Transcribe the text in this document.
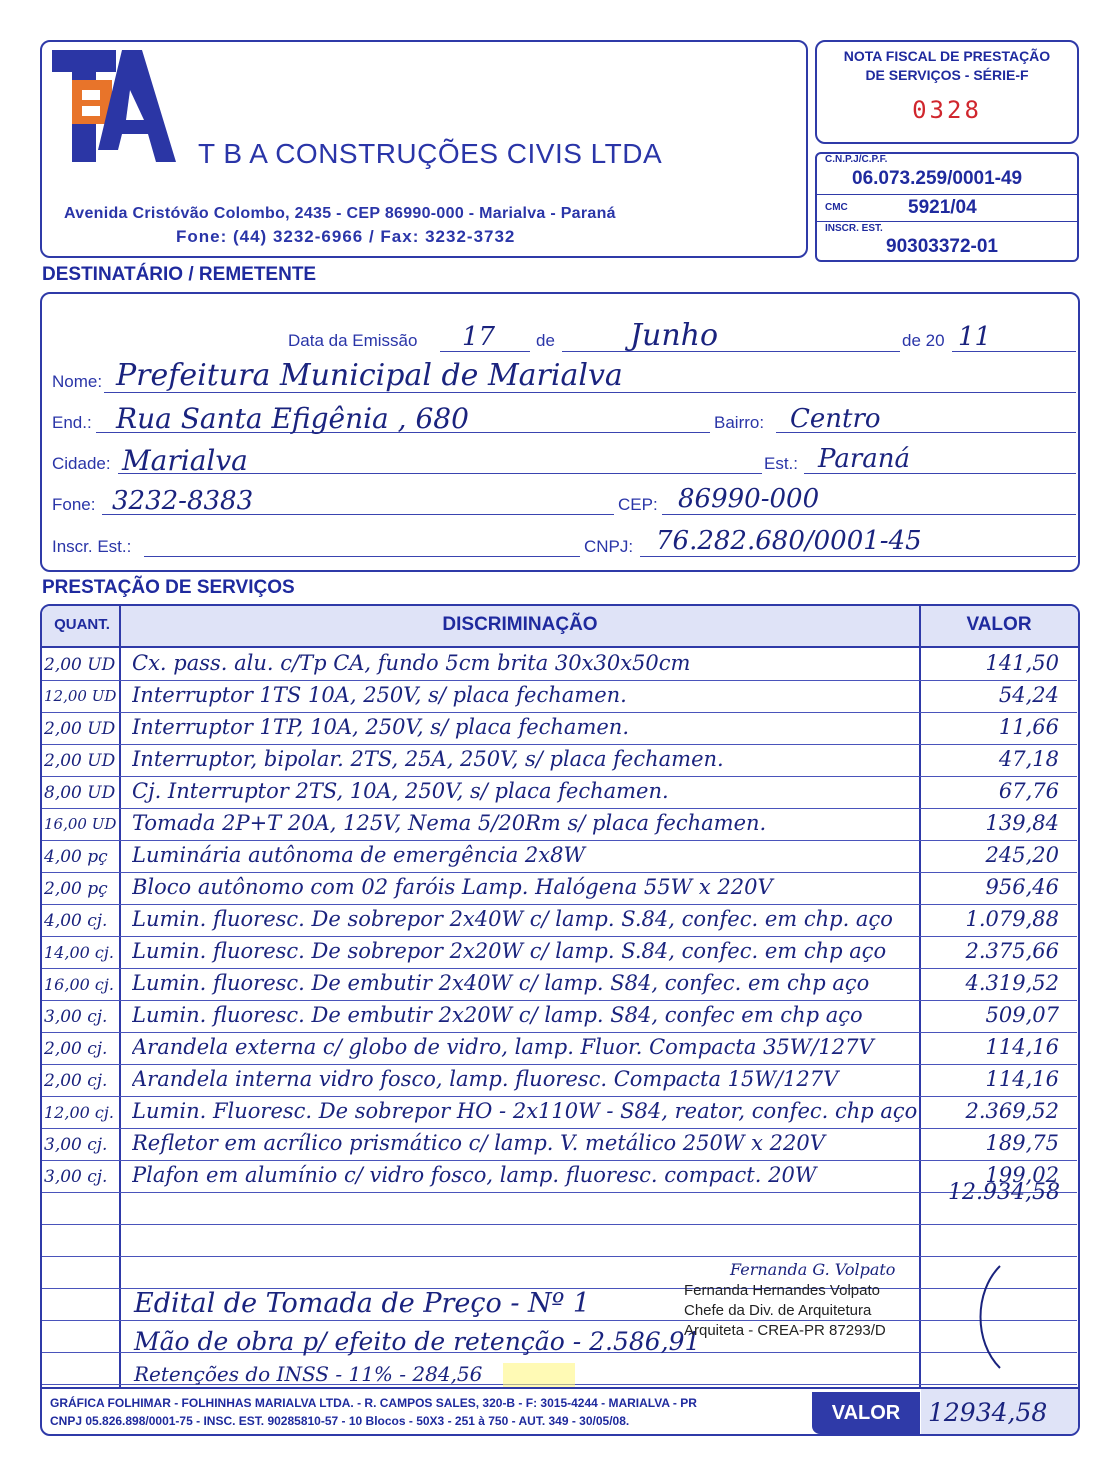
T B A CONSTRUÇÕES CIVIS LTDA
Avenida Cristóvão Colombo, 2435 - CEP 86990-000 - Marialva - Paraná
Fone: (44) 3232-6966 / Fax: 3232-3732
NOTA FISCAL DE PRESTAÇÃO
DE SERVIÇOS - SÉRIE-F
0328
C.N.P.J/C.P.F.
06.073.259/0001-49
CMC	5921/04
INSCR. EST.
90303372-01
DESTINATÁRIO / REMETENTE
Data da Emissão 17 de	Junho	de 20 11
Nome: Prefeitura Municipal de Marialva
End.: Rua Santa Efigênia , 680	Bairro: Centro
Cidade: Marialva	Est.: Paraná
Fone: 3232-8383	CEP: 86990-000
Inscr. Est.:	CNPJ: 76.282.680/0001-45
PRESTAÇÃO DE SERVIÇOS
QUANT.	DISCRIMINAÇÃO	VALOR
2,00 UD Cx. pass. alu. c/Tp CA, fundo 5cm brita 30x30x50cm	141,50
12,00 UD Interruptor 1TS 10A, 250V, s/ placa fechamen.	54,24
2,00 UD Interruptor 1TP, 10A, 250V, s/ placa fechamen.	11,66
2,00 UD Interruptor, bipolar. 2TS, 25A, 250V, s/ placa fechamen.	47,18
8,00 UD Cj. Interruptor 2TS, 10A, 250V, s/ placa fechamen.	67,76
16,00 UD Tomada 2P+T 20A, 125V, Nema 5/20Rm s/ placa fechamen.	139,84
4,00 pç	Luminária autônoma de emergência 2x8W	245,20
2,00 pç	Bloco autônomo com 02 faróis Lamp. Halógena 55W x 220V	956,46
4,00 cj.	Lumin. fluoresc. De sobrepor 2x40W c/ lamp. S.84, confec. em chp. aço	1.079,88
14,00 cj. Lumin. fluoresc. De sobrepor 2x20W c/ lamp. S.84, confec. em chp aço	2.375,66
16,00 cj. Lumin. fluoresc. De embutir 2x40W c/ lamp. S84, confec. em chp aço	4.319,52
3,00 cj.	Lumin. fluoresc. De embutir 2x20W c/ lamp. S84, confec em chp aço	509,07
2,00 cj.	Arandela externa c/ globo de vidro, lamp. Fluor. Compacta 35W/127V	114,16
2,00 cj.	Arandela interna vidro fosco, lamp. fluoresc. Compacta 15W/127V	114,16
12,00 cj. Lumin. Fluoresc. De sobrepor HO - 2x110W - S84, reator, confec. chp aço	2.369,52
3,00 cj.	Refletor em acrílico prismático c/ lamp. V. metálico 250W x 220V	189,75
3,00 cj.	Plafon em alumínio c/ vidro fosco, lamp. fluoresc. compact. 20W	199,02
12.934,58
Edital de Tomada de Preço - Nº 1
Mão de obra p/ efeito de retenção - 2.586,91
Retenções do INSS - 11% - 284,56
Fernanda G. Volpato
Fernanda Hernandes Volpato
Chefe da Div. de Arquitetura
Arquiteta - CREA-PR 87293/D
GRÁFICA FOLHIMAR - FOLHINHAS MARIALVA LTDA. - R. CAMPOS SALES, 320-B - F: 3015-4244 - MARIALVA - PR
CNPJ 05.826.898/0001-75 - INSC. EST. 90285810-57 - 10 Blocos - 50X3 - 251 à 750 - AUT. 349 - 30/05/08.	VALOR	12934,58
